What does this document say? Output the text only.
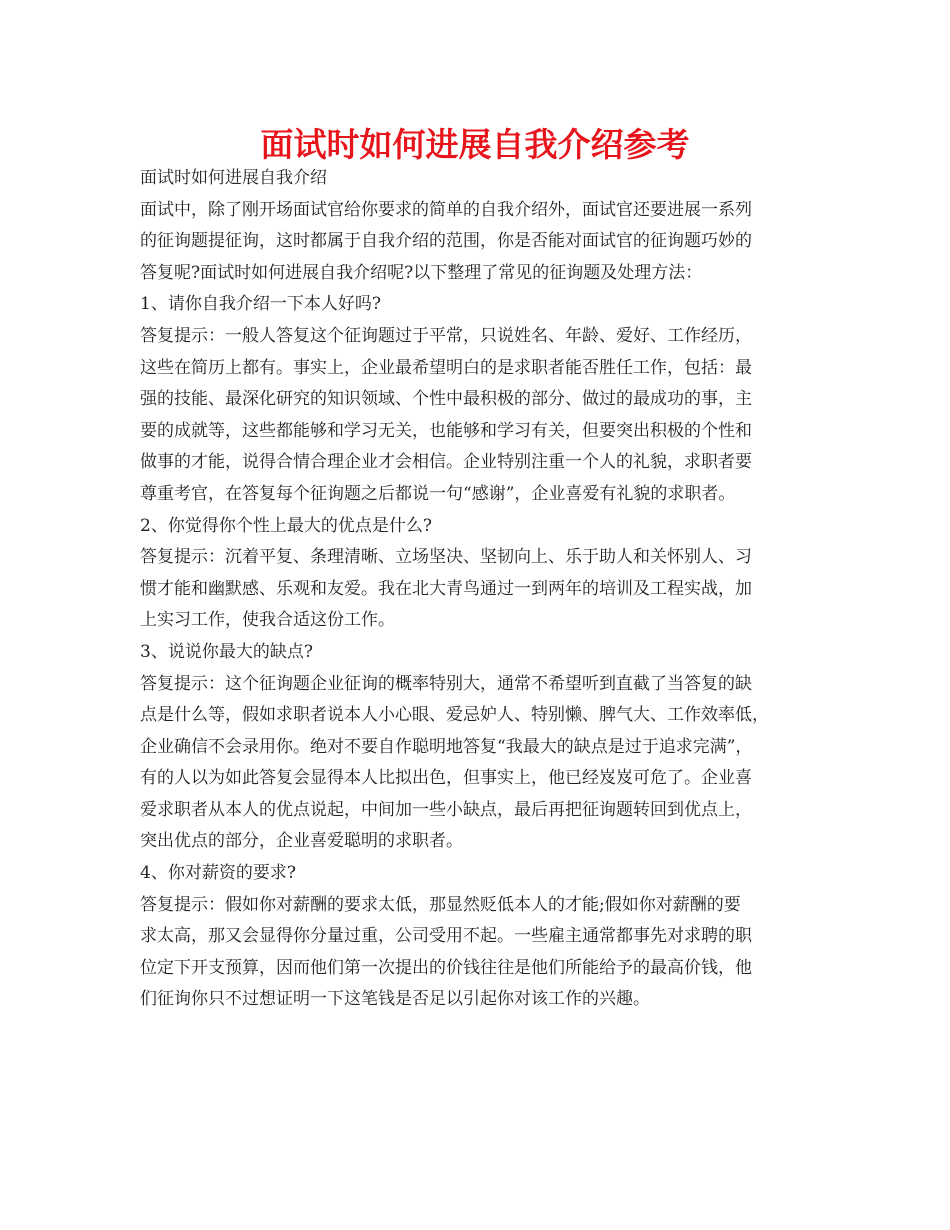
面试时如何进展自我介绍参考
面试时如何进展自我介绍
面试中，除了刚开场面试官给你要求的简单的自我介绍外，面试官还要进展一系列
的征询题提征询，这时都属于自我介绍的范围，你是否能对面试官的征询题巧妙的
答复呢?面试时如何进展自我介绍呢?以下整理了常见的征询题及处理方法：
1、请你自我介绍一下本人好吗?
答复提示：一般人答复这个征询题过于平常，只说姓名、年龄、爱好、工作经历，
这些在简历上都有。事实上，企业最希望明白的是求职者能否胜任工作，包括：最
强的技能、最深化研究的知识领域、个性中最积极的部分、做过的最成功的事，主
要的成就等，这些都能够和学习无关，也能够和学习有关，但要突出积极的个性和
做事的才能，说得合情合理企业才会相信。企业特别注重一个人的礼貌，求职者要
尊重考官，在答复每个征询题之后都说一句“感谢”，企业喜爱有礼貌的求职者。
2、你觉得你个性上最大的优点是什么?
答复提示：沉着平复、条理清晰、立场坚决、坚韧向上、乐于助人和关怀别人、习
惯才能和幽默感、乐观和友爱。我在北大青鸟通过一到两年的培训及工程实战，加
上实习工作，使我合适这份工作。
3、说说你最大的缺点?
答复提示：这个征询题企业征询的概率特别大，通常不希望听到直截了当答复的缺
点是什么等，假如求职者说本人小心眼、爱忌妒人、特别懒、脾气大、工作效率低，
企业确信不会录用你。绝对不要自作聪明地答复“我最大的缺点是过于追求完满”，
有的人以为如此答复会显得本人比拟出色，但事实上，他已经岌岌可危了。企业喜
爱求职者从本人的优点说起，中间加一些小缺点，最后再把征询题转回到优点上，
突出优点的部分，企业喜爱聪明的求职者。
4、你对薪资的要求?
答复提示：假如你对薪酬的要求太低，那显然贬低本人的才能;假如你对薪酬的要
求太高，那又会显得你分量过重，公司受用不起。一些雇主通常都事先对求聘的职
位定下开支预算，因而他们第一次提出的价钱往往是他们所能给予的最高价钱，他
们征询你只不过想证明一下这笔钱是否足以引起你对该工作的兴趣。
